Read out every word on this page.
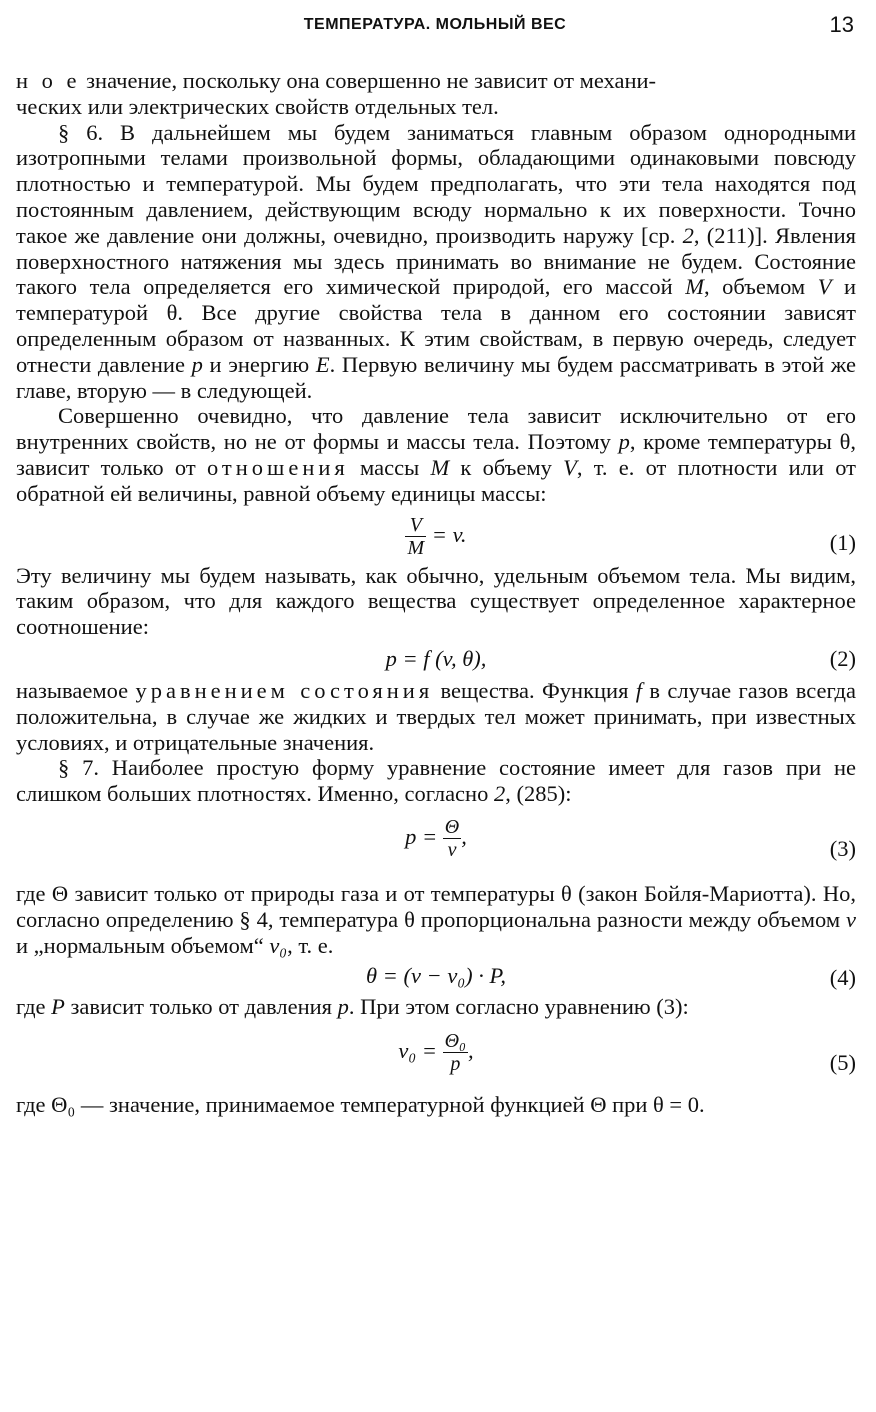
ТЕМПЕРАТУРА. МОЛЬНЫЙ ВЕС	13

н о е значение, поскольку она совершенно не зависит от механи-
ческих или электрических свойств отдельных тел.

§ 6. В дальнейшем мы будем заниматься главным образом однородными изотропными телами произвольной формы, обладающими одинаковыми повсюду плотностью и температурой. Мы будем предполагать, что эти тела находятся под постоянным давлением, действующим всюду нормально к их поверхности. Точно такое же давление они должны, очевидно, производить наружу [ср. 2, (211)]. Явления поверхностного натяжения мы здесь принимать во внимание не будем. Состояние такого тела определяется его химической природой, его массой M, объемом V и температурой θ. Все другие свойства тела в данном его состоянии зависят определенным образом от названных. К этим свойствам, в первую очередь, следует отнести давление p и энергию E. Первую величину мы будем рассматривать в этой же главе, вторую — в следующей.

Совершенно очевидно, что давление тела зависит исключительно от его внутренних свойств, но не от формы и массы тела. Поэтому p, кроме температуры θ, зависит только от отношения массы M к объему V, т. е. от плотности или от обратной ей величины, равной объему единицы массы:

$\frac{V}{M} = v$.	(1)

Эту величину мы будем называть, как обычно, удельным объемом тела. Мы видим, таким образом, что для каждого вещества существует определенное характерное соотношение:

p = f (v, θ),	(2)

называемое уравнением состояния вещества. Функция f в случае газов всегда положительна, в случае же жидких и твердых тел может принимать, при известных условиях, и отрицательные значения.

§ 7. Наиболее простую форму уравнение состояние имеет для газов при не слишком больших плотностях. Именно, согласно 2, (285):

$p = \frac{\Theta}{v}$ ,	(3)

где Θ зависит только от природы газа и от температуры θ (закон Бойля-Мариотта). Но, согласно определению § 4, температура θ пропорциональна разности между объемом v и „нормальным объемом“ v₀, т. е.

θ = (v − v₀) · P,	(4)

где P зависит только от давления p. При этом согласно уравнению (3):

$v_0 = \frac{\text{Θ₀}}{p}$ ,	(5)

где Θ₀ — значение, принимаемое температурной функцией Θ при θ = 0.
